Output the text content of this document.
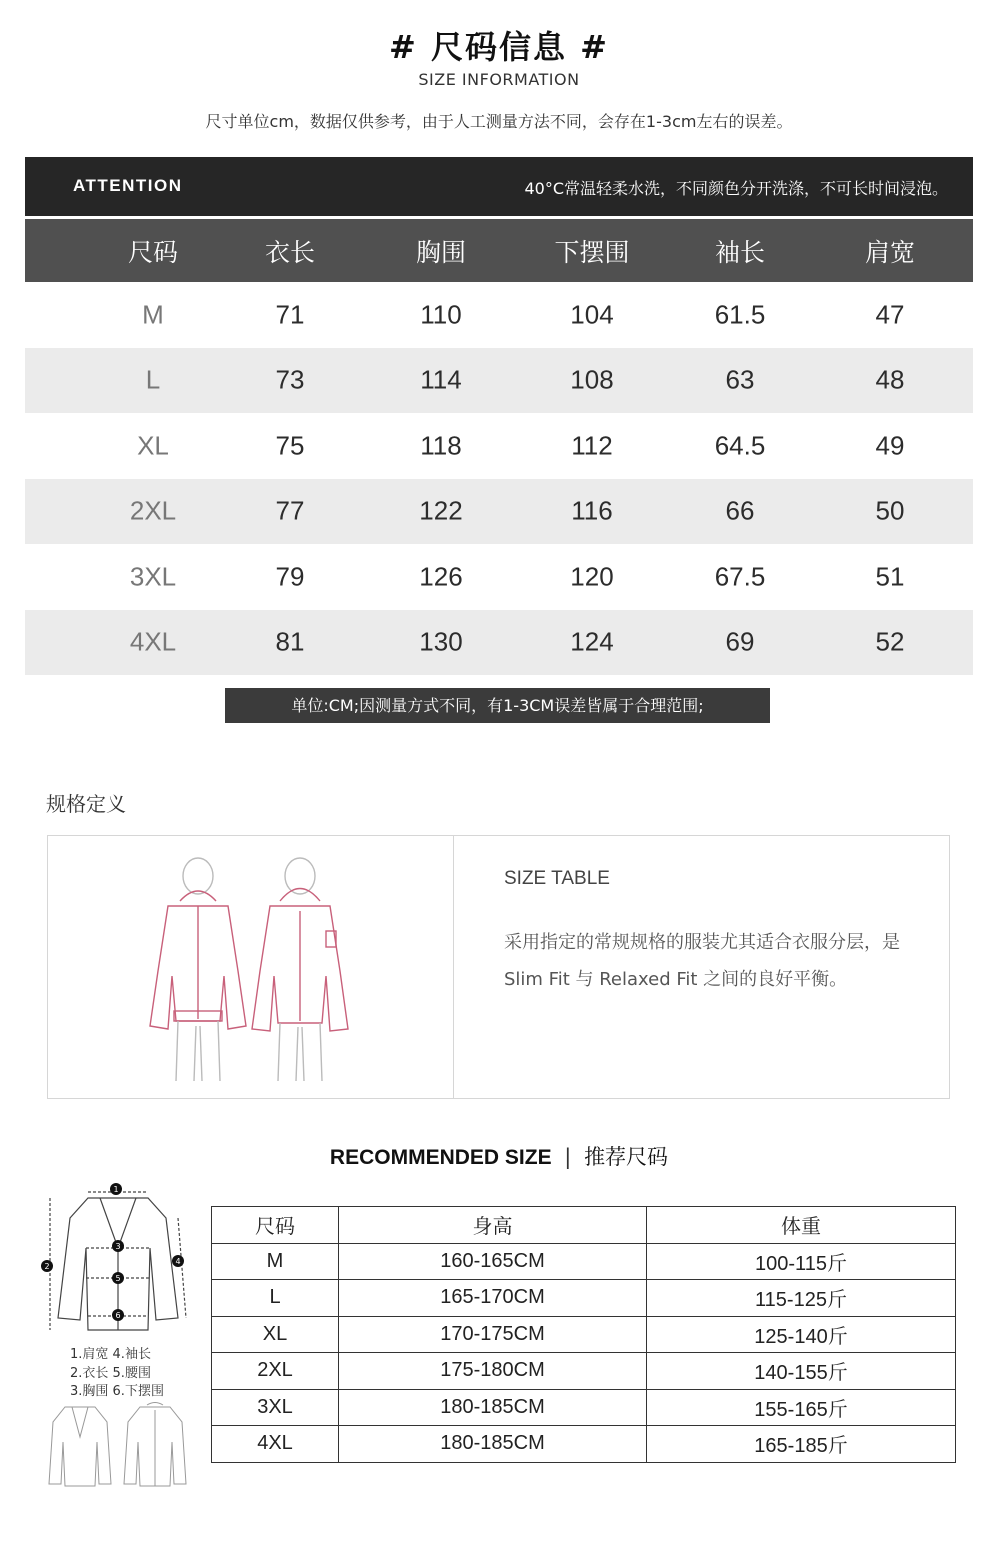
# 尺码信息 #
SIZE INFORMATION
尺寸单位cm，数据仅供参考，由于人工测量方法不同，会存在1-3cm左右的误差。
ATTENTION	40°C常温轻柔水洗，不同颜色分开洗涤，不可长时间浸泡。
尺码	衣长	胸围	下摆围	袖长	肩宽
M	71	110	104	61.5	47
L	73	114	108	63	48
XL	75	118	112	64.5	49
2XL	77	122	116	66	50
3XL	79	126	120	67.5	51
4XL	81	130	124	69	52
单位:CM;因测量方式不同，有1-3CM误差皆属于合理范围;
规格定义
SIZE TABLE
采用指定的常规规格的服装尤其适合衣服分层，是 Slim Fit 与 Relaxed Fit 之间的良好平衡。
RECOMMENDED SIZE | 推荐尺码
1
2
3
4
5
6
1.肩宽 4.袖长
2.衣长 5.腰围
3.胸围 6.下摆围
尺码	身高	体重
M	160-165CM	100-115斤
L	165-170CM	115-125斤
XL	170-175CM	125-140斤
2XL	175-180CM	140-155斤
3XL	180-185CM	155-165斤
4XL	180-185CM	165-185斤
